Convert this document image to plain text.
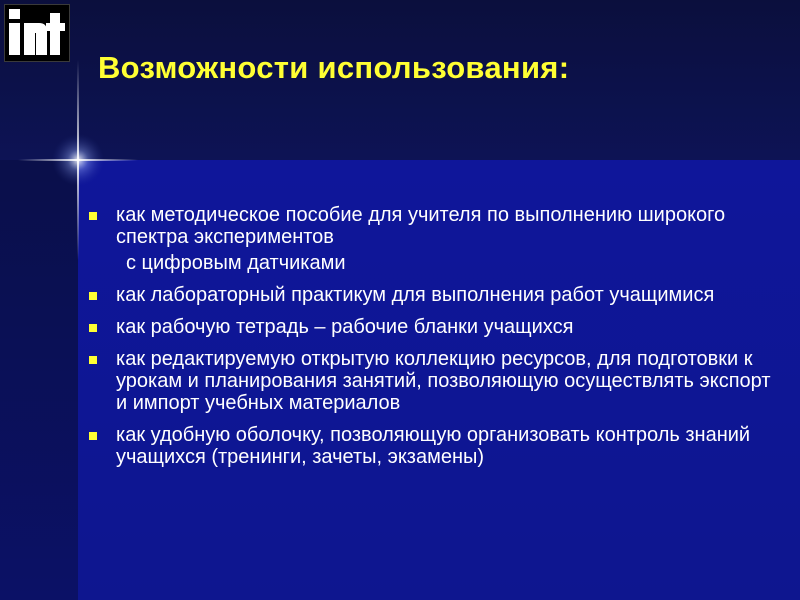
Возможности использования:
как методическое пособие для учителя по выполнению широкого спектра экспериментов
с цифровым датчиками
как лабораторный практикум для выполнения работ учащимися
как рабочую тетрадь – рабочие бланки учащихся
как редактируемую открытую коллекцию ресурсов, для подготовки к урокам и планирования занятий, позволяющую осуществлять экспорт и импорт учебных материалов
как удобную оболочку, позволяющую организовать контроль знаний учащихся (тренинги, зачеты, экзамены)
